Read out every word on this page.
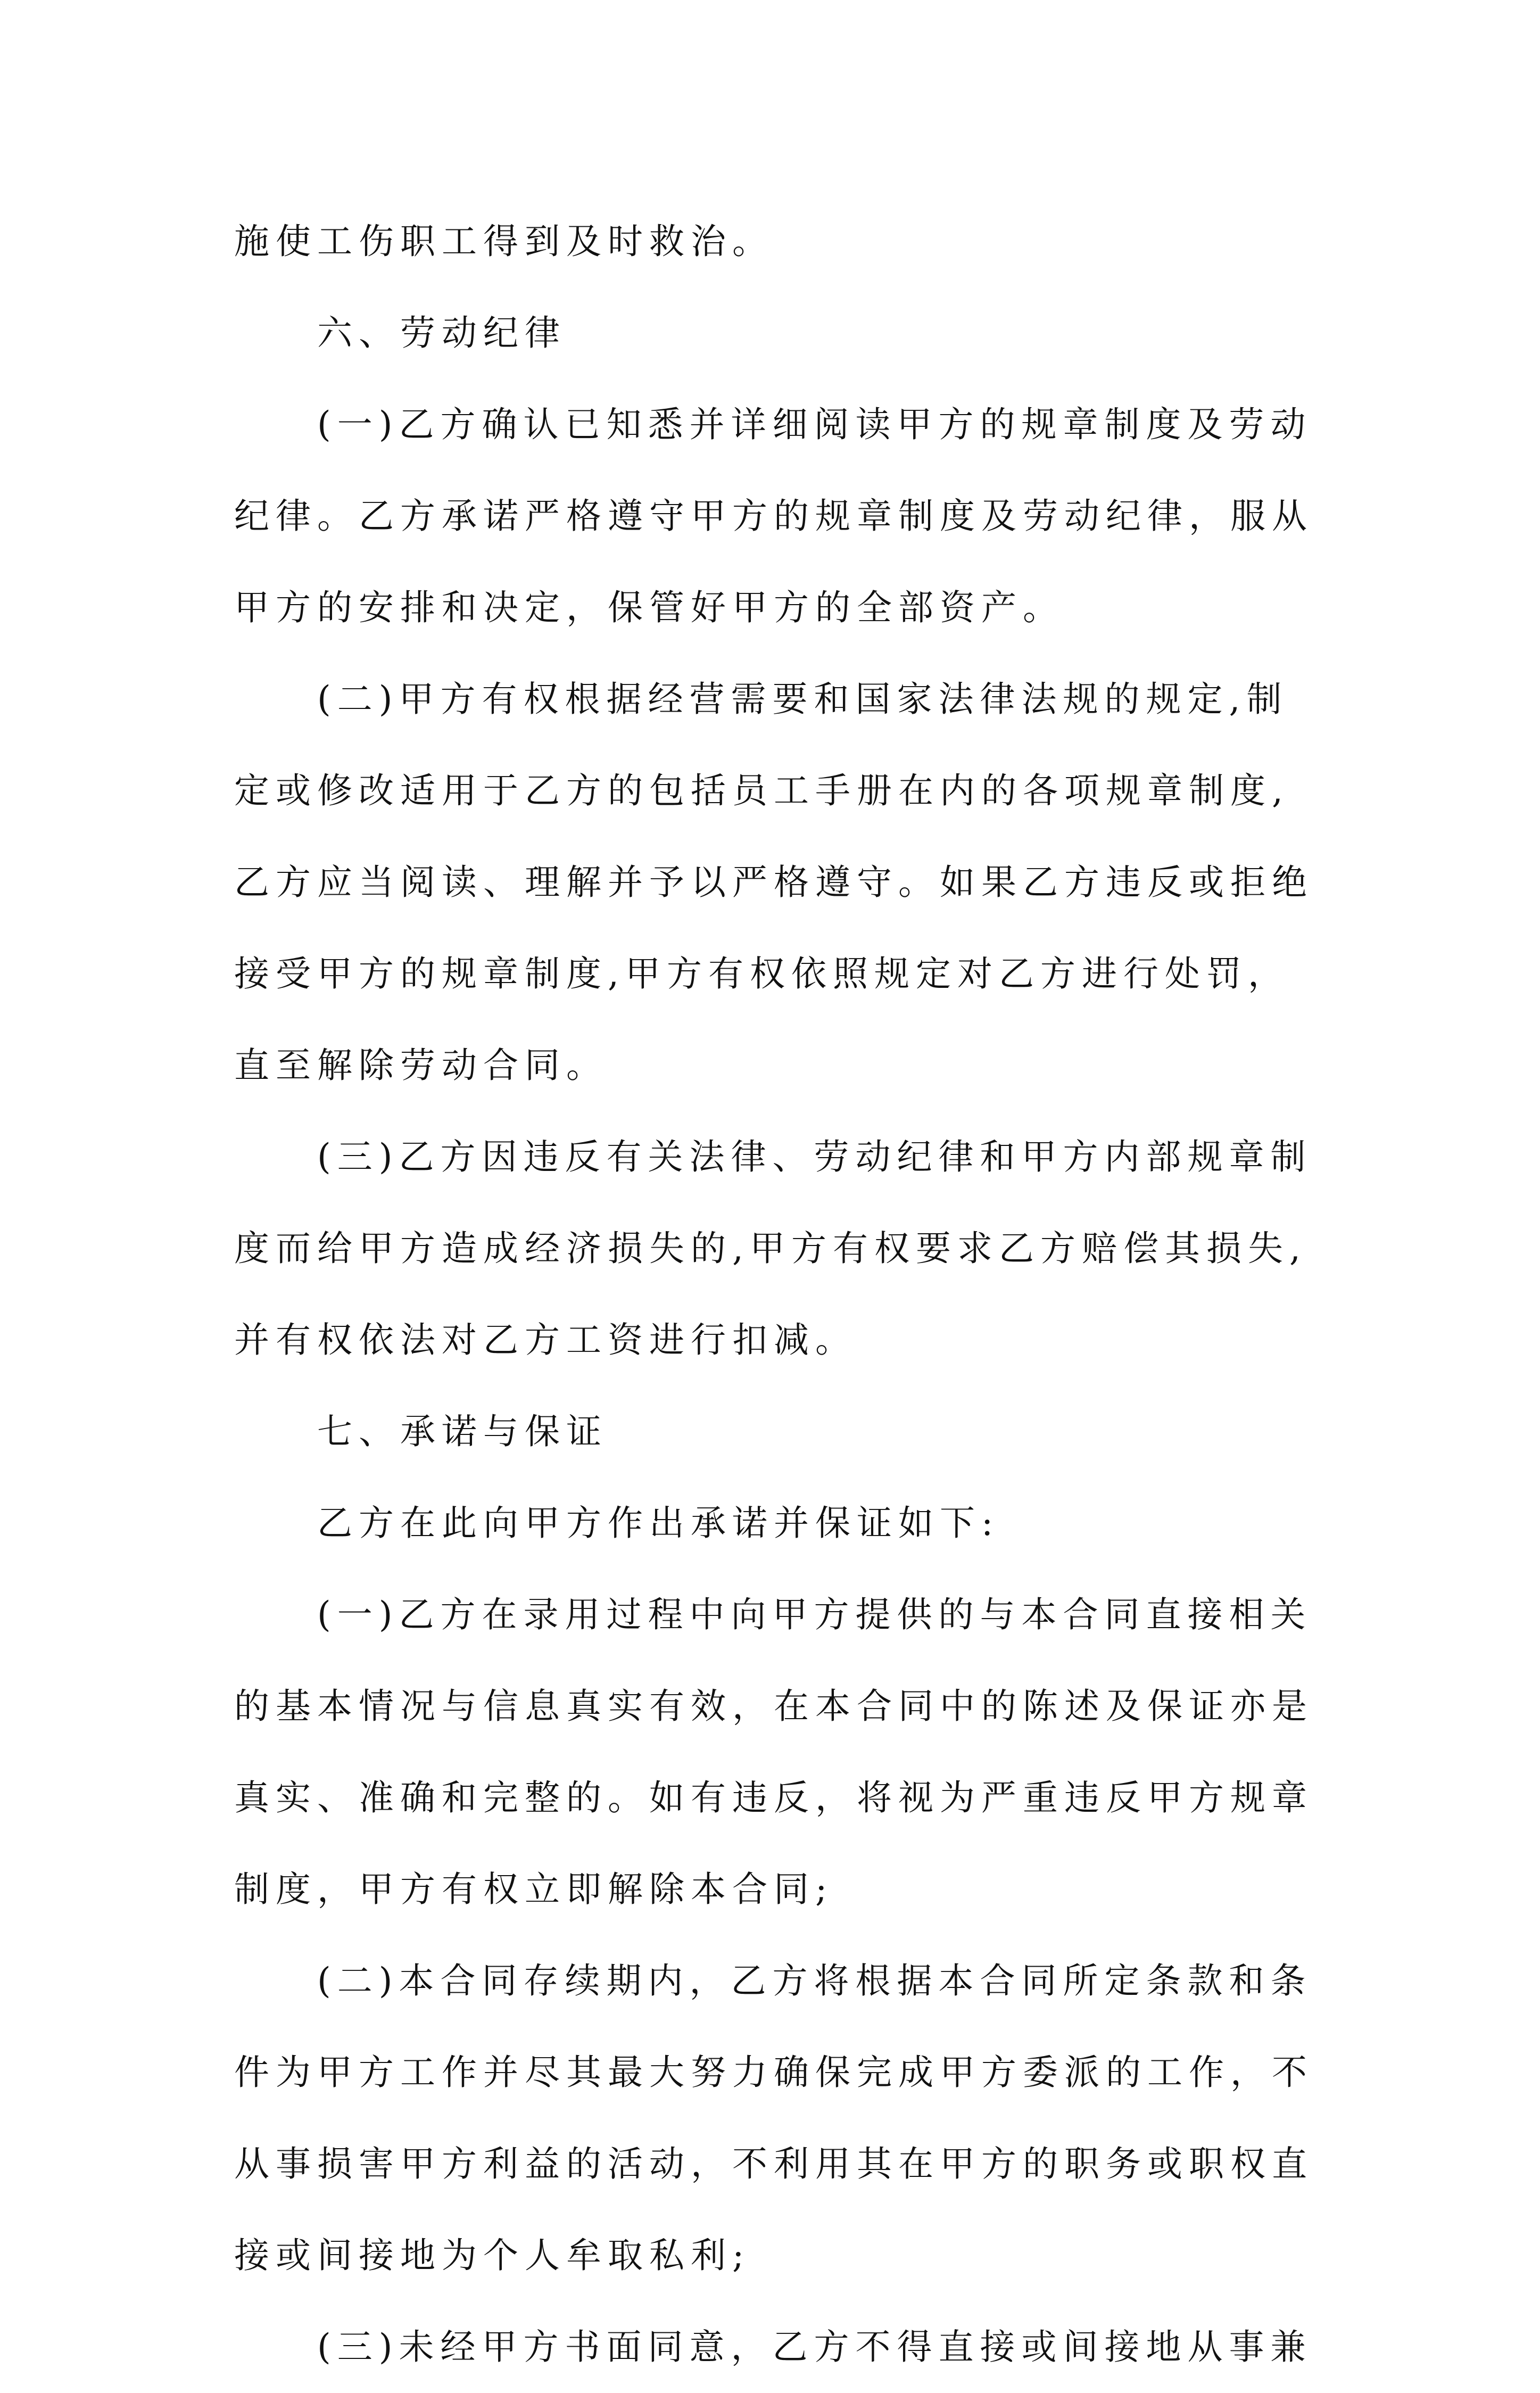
施使工伤职工得到及时救治。
六、劳动纪律
(一)乙方确认已知悉并详细阅读甲方的规章制度及劳动
纪律。乙方承诺严格遵守甲方的规章制度及劳动纪律，服从
甲方的安排和决定，保管好甲方的全部资产。
(二)甲方有权根据经营需要和国家法律法规的规定,制
定或修改适用于乙方的包括员工手册在内的各项规章制度,
乙方应当阅读、理解并予以严格遵守。如果乙方违反或拒绝
接受甲方的规章制度,甲方有权依照规定对乙方进行处罚，
直至解除劳动合同。
(三)乙方因违反有关法律、劳动纪律和甲方内部规章制
度而给甲方造成经济损失的,甲方有权要求乙方赔偿其损失,
并有权依法对乙方工资进行扣减。
七、承诺与保证
乙方在此向甲方作出承诺并保证如下:
(一)乙方在录用过程中向甲方提供的与本合同直接相关
的基本情况与信息真实有效，在本合同中的陈述及保证亦是
真实、准确和完整的。如有违反，将视为严重违反甲方规章
制度，甲方有权立即解除本合同;
(二)本合同存续期内，乙方将根据本合同所定条款和条
件为甲方工作并尽其最大努力确保完成甲方委派的工作，不
从事损害甲方利益的活动，不利用其在甲方的职务或职权直
接或间接地为个人牟取私利;
(三)未经甲方书面同意，乙方不得直接或间接地从事兼
